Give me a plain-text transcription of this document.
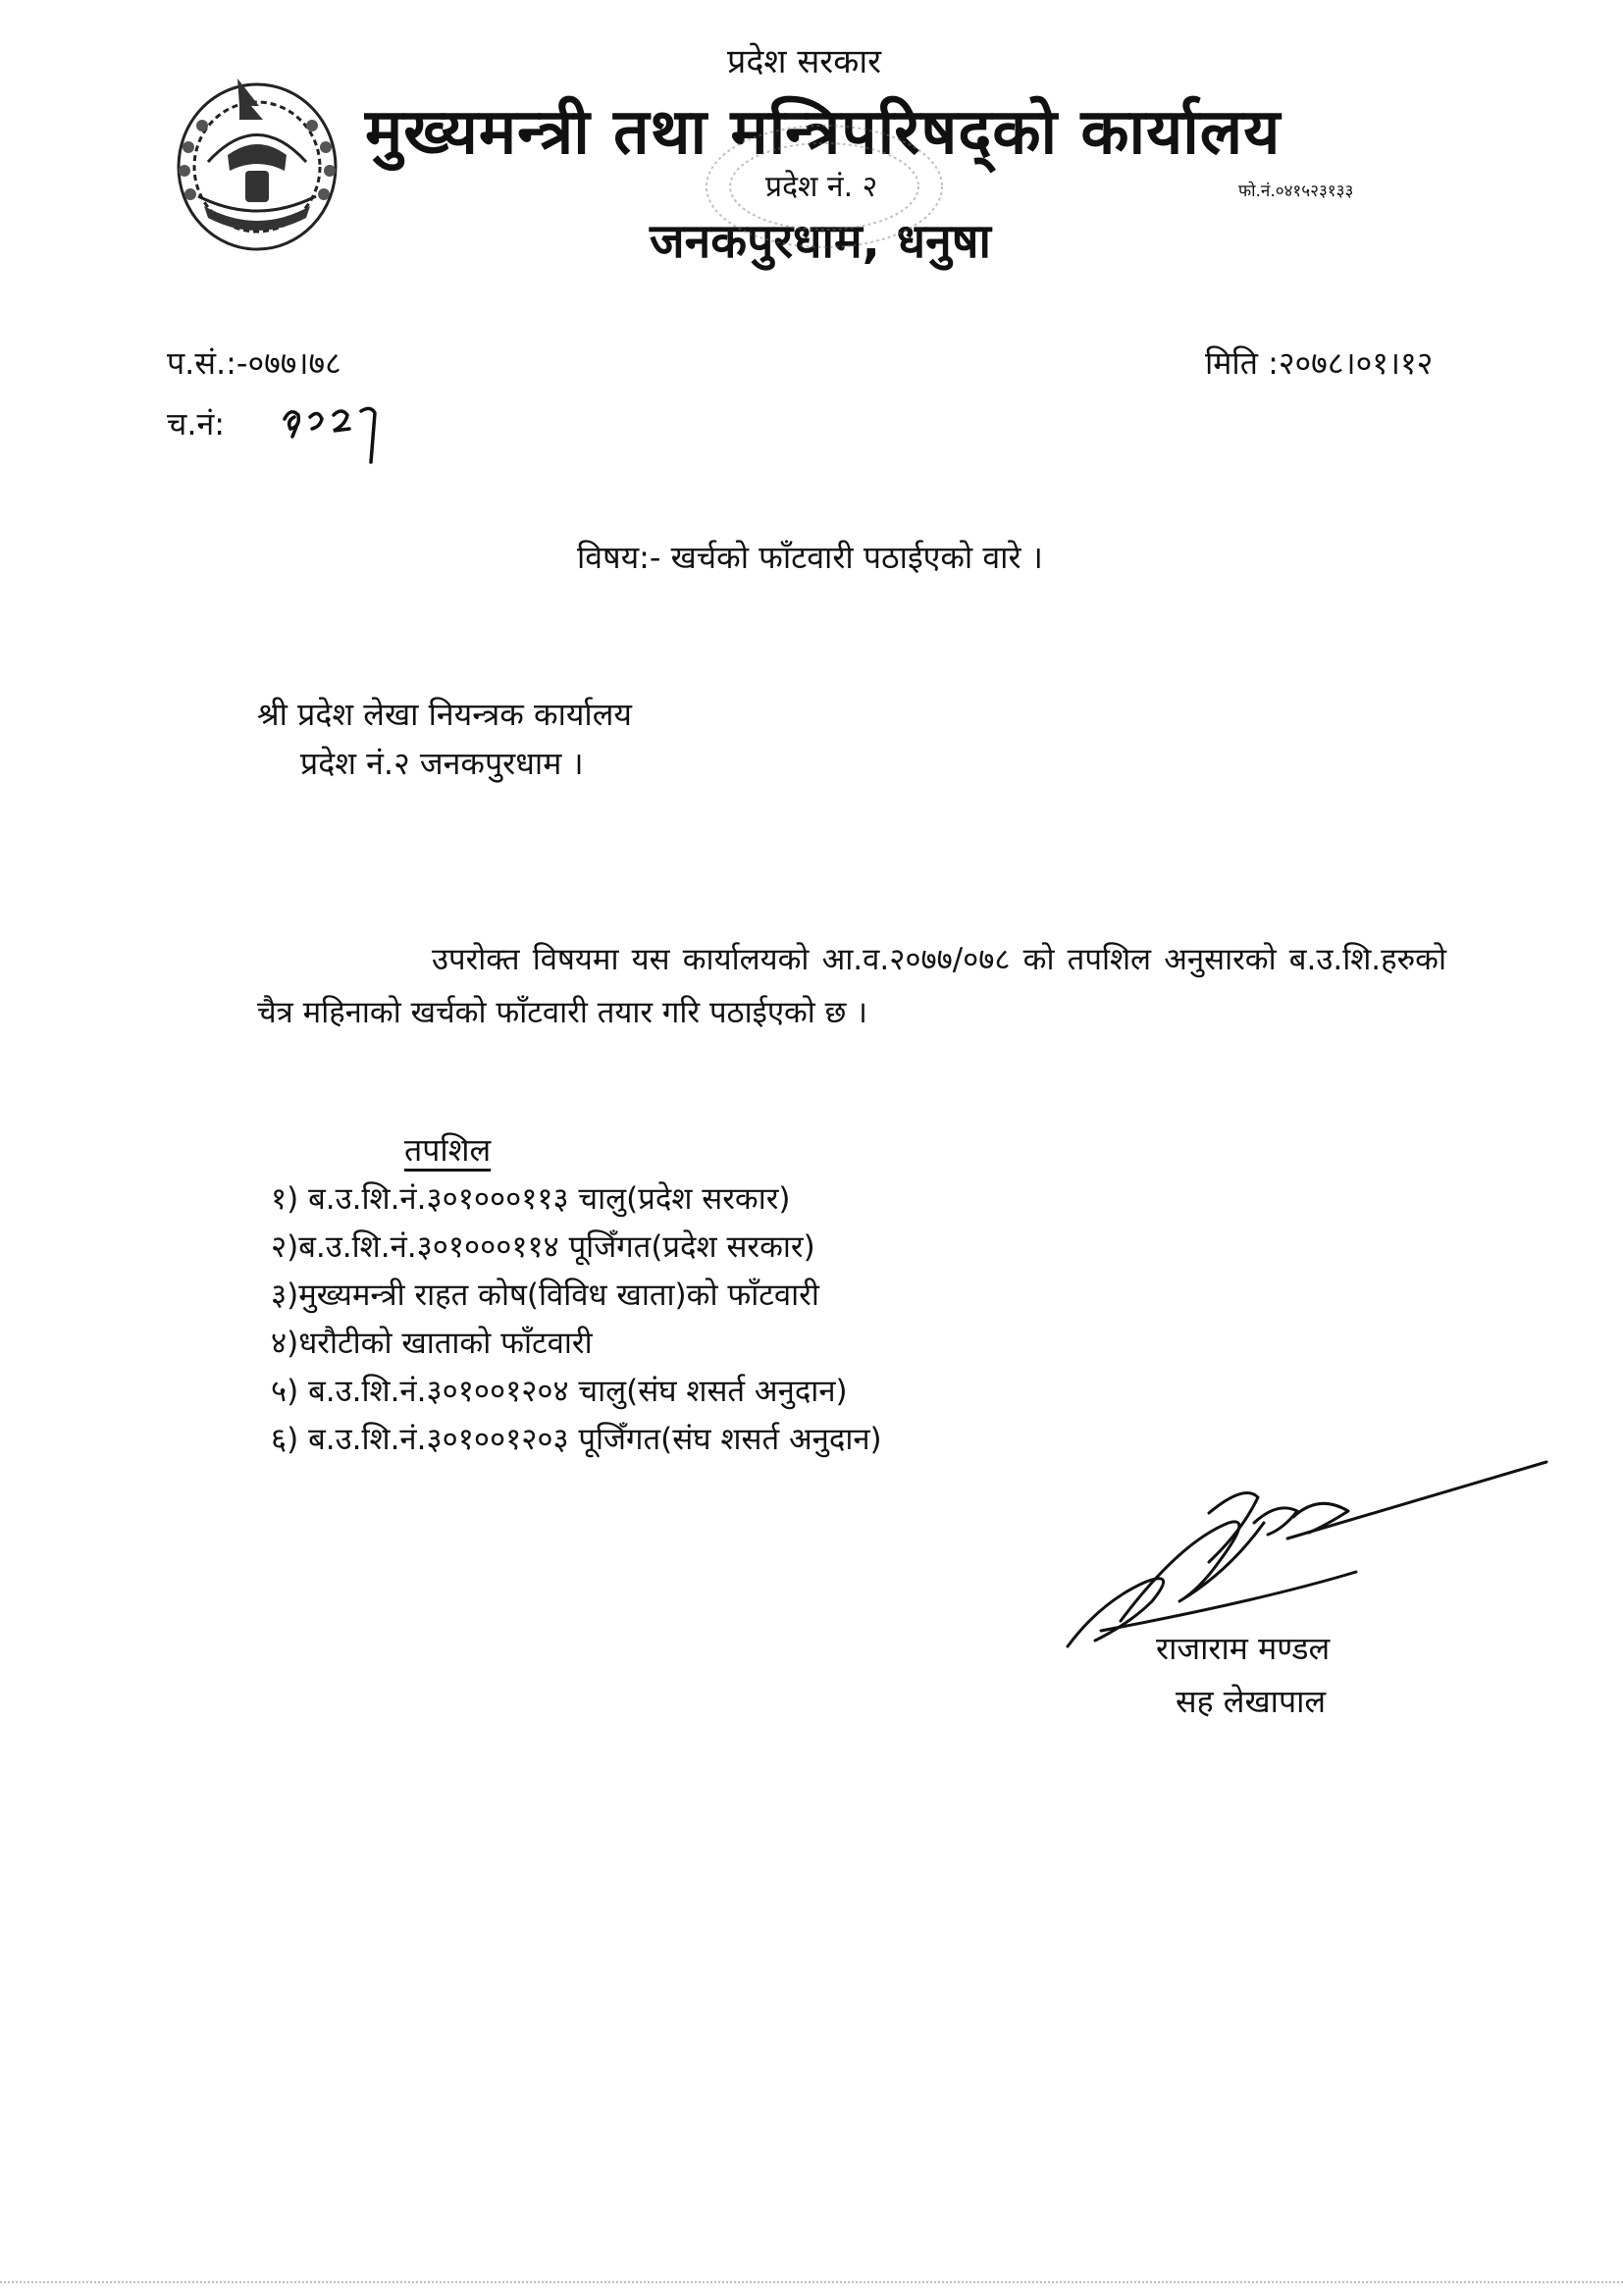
प्रदेश सरकार
मुख्यमन्त्री तथा मन्त्रिपरिषद्को कार्यालय
प्रदेश नं. २	फो.नं.०४१५२३१३३
जनकपुरधाम, धनुषा
प.सं.:-०७७।७८
च.नं:
मिति :२०७८।०१।१२
विषय:- खर्चको फाँटवारी पठाईएको वारे ।
श्री प्रदेश लेखा नियन्त्रक कार्यालय
प्रदेश नं.२ जनकपुरधाम ।
उपरोक्त विषयमा यस कार्यालयको आ.व.२०७७/०७८ को तपशिल अनुसारको ब.उ.शि.हरुको चैत्र महिनाको खर्चको फाँटवारी तयार गरि पठाईएको छ ।
तपशिल
१) ब.उ.शि.नं.३०१०००११३ चालु(प्रदेश सरकार)
२)ब.उ.शि.नं.३०१०००११४ पूजिँगत(प्रदेश सरकार)
३)मुख्यमन्त्री राहत कोष(विविध खाता)को फाँटवारी
४)धरौटीको खाताको फाँटवारी
५) ब.उ.शि.नं.३०१००१२०४ चालु(संघ शसर्त अनुदान)
६) ब.उ.शि.नं.३०१००१२०३ पूजिँगत(संघ शसर्त अनुदान)
राजाराम मण्डल
सह लेखापाल
